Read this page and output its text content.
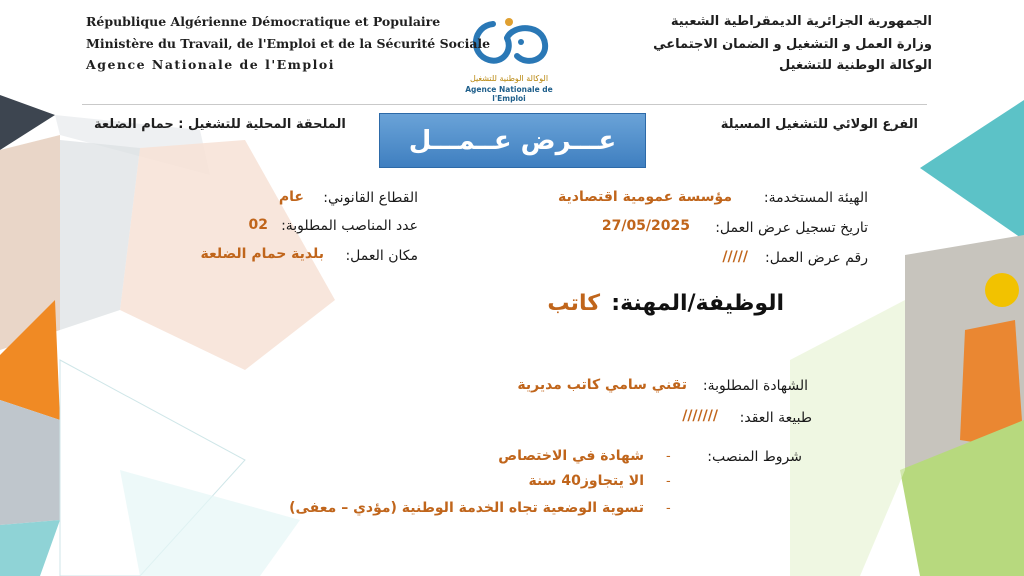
الوكالة الوطنية للتشغيل
Agence Nationale de l'Emploi
République Algérienne Démocratique et Populaire
Ministère du Travail, de l'Emploi et de la Sécurité Sociale
Agence Nationale de l'Emploi
الجمهورية الجزائرية الديمقراطية الشعبية
وزارة العمل و التشغيل و الضمان الاجتماعي
الوكالة الوطنية للتشغيل
الفرع الولائي للتشغيل المسيلة
الملحقة المحلية للتشغيل : حمام الضلعة
عـــرض عــمـــل
الهيئة المستخدمة:
مؤسسة عمومية اقتصادية
تاريخ تسجيل عرض العمل:
27/05/2025
رقم عرض العمل:
/////
القطاع القانوني:
عام
عدد المناصب المطلوبة:
02
مكان العمل:
بلدية حمام الضلعة
الوظيفة/المهنة:
كاتب
الشهادة المطلوبة:
تقني سامي كاتب مديرية
طبيعة العقد:
///////
شروط المنصب:
-
شهادة في الاختصاص
-
الا يتجاوز40 سنة
-
تسوية الوضعية تجاه الخدمة الوطنية (مؤدي – معفى)
